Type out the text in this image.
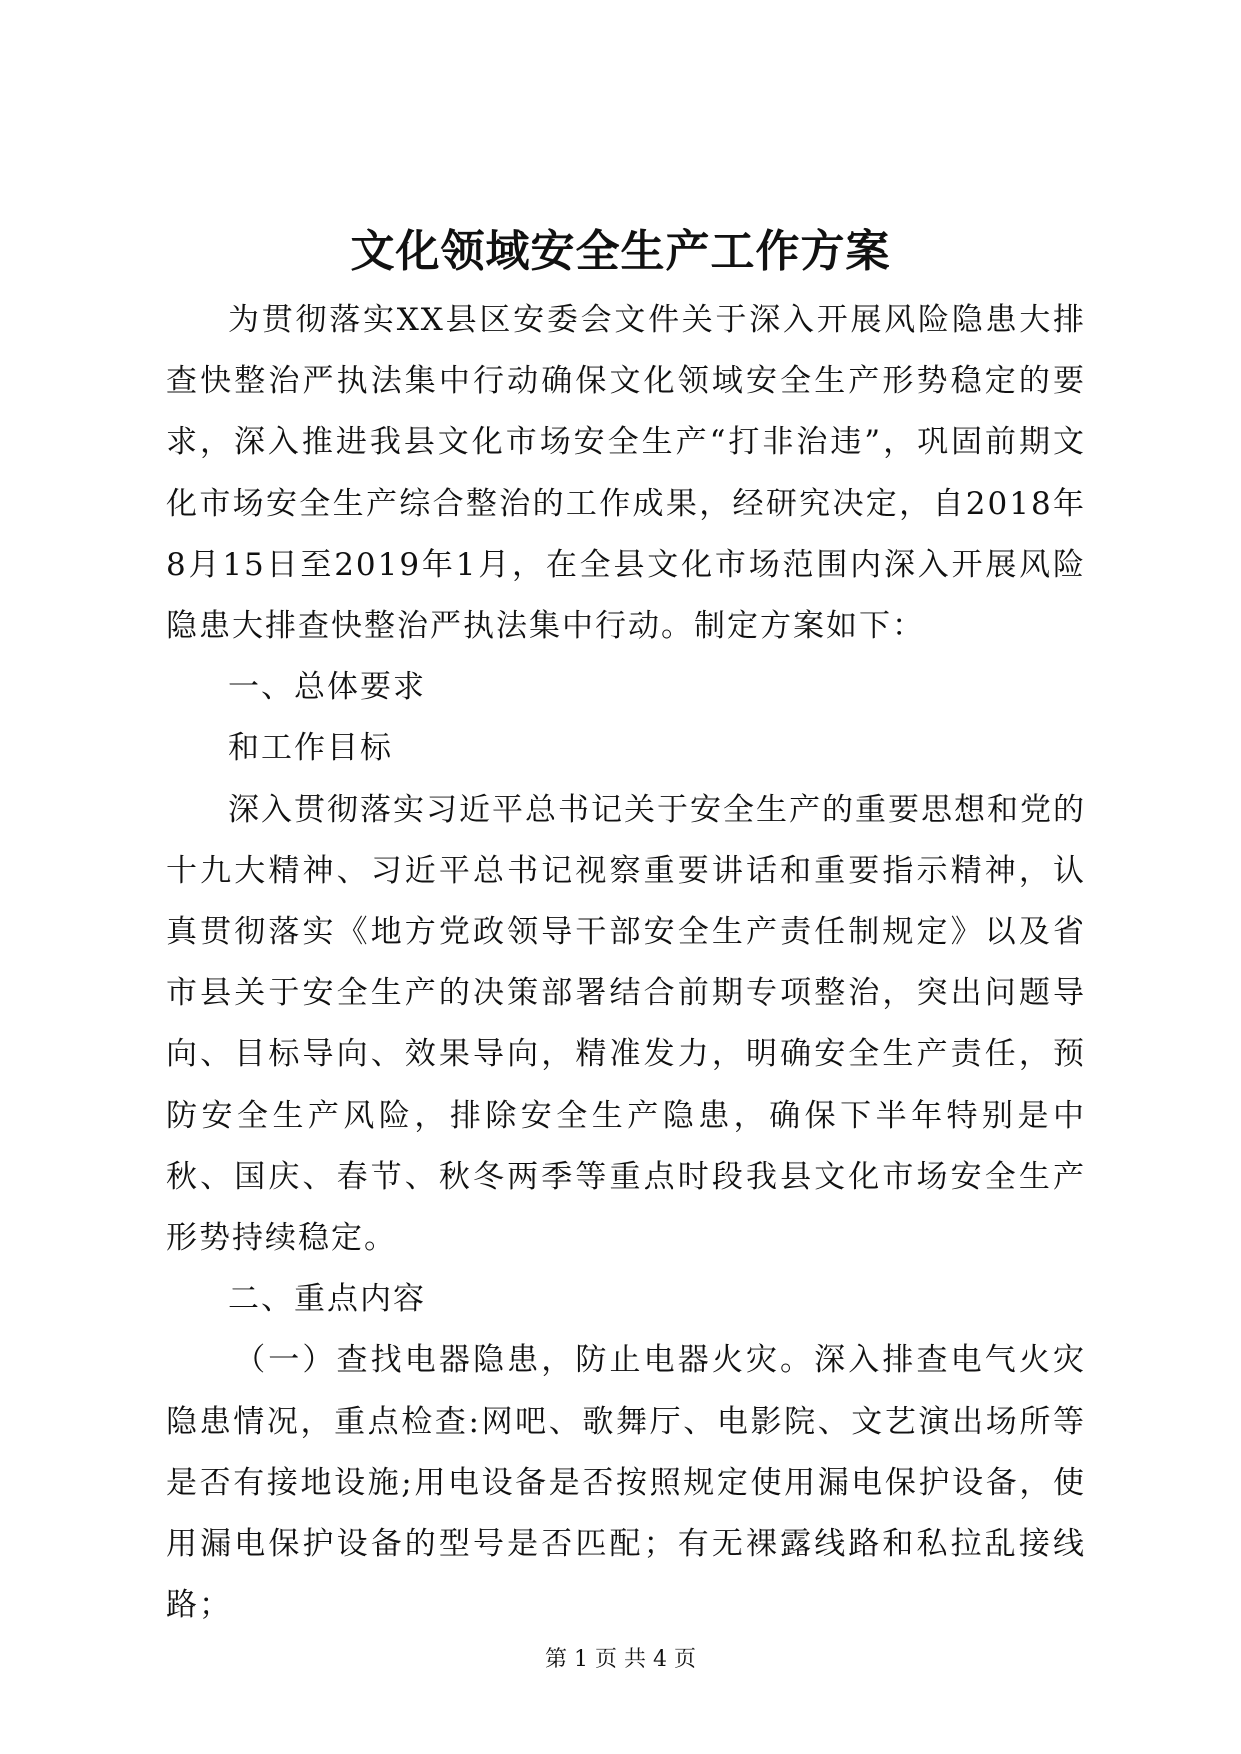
文化领域安全生产工作方案

为贯彻落实XX县区安委会文件关于深入开展风险隐患大排查快整治严执法集中行动确保文化领域安全生产形势稳定的要求，深入推进我县文化市场安全生产“打非治违”，巩固前期文化市场安全生产综合整治的工作成果，经研究决定，自2018年8月15日至2019年1月，在全县文化市场范围内深入开展风险隐患大排查快整治严执法集中行动。制定方案如下：

一、总体要求

和工作目标

深入贯彻落实习近平总书记关于安全生产的重要思想和党的十九大精神、习近平总书记视察重要讲话和重要指示精神，认真贯彻落实《地方党政领导干部安全生产责任制规定》以及省市县关于安全生产的决策部署结合前期专项整治，突出问题导向、目标导向、效果导向，精准发力，明确安全生产责任，预防安全生产风险，排除安全生产隐患，确保下半年特别是中秋、国庆、春节、秋冬两季等重点时段我县文化市场安全生产形势持续稳定。

二、重点内容

（一）查找电器隐患，防止电器火灾。深入排查电气火灾隐患情况，重点检查:网吧、歌舞厅、电影院、文艺演出场所等是否有接地设施;用电设备是否按照规定使用漏电保护设备，使用漏电保护设备的型号是否匹配；有无裸露线路和私拉乱接线路；

第 1 页 共 4 页
